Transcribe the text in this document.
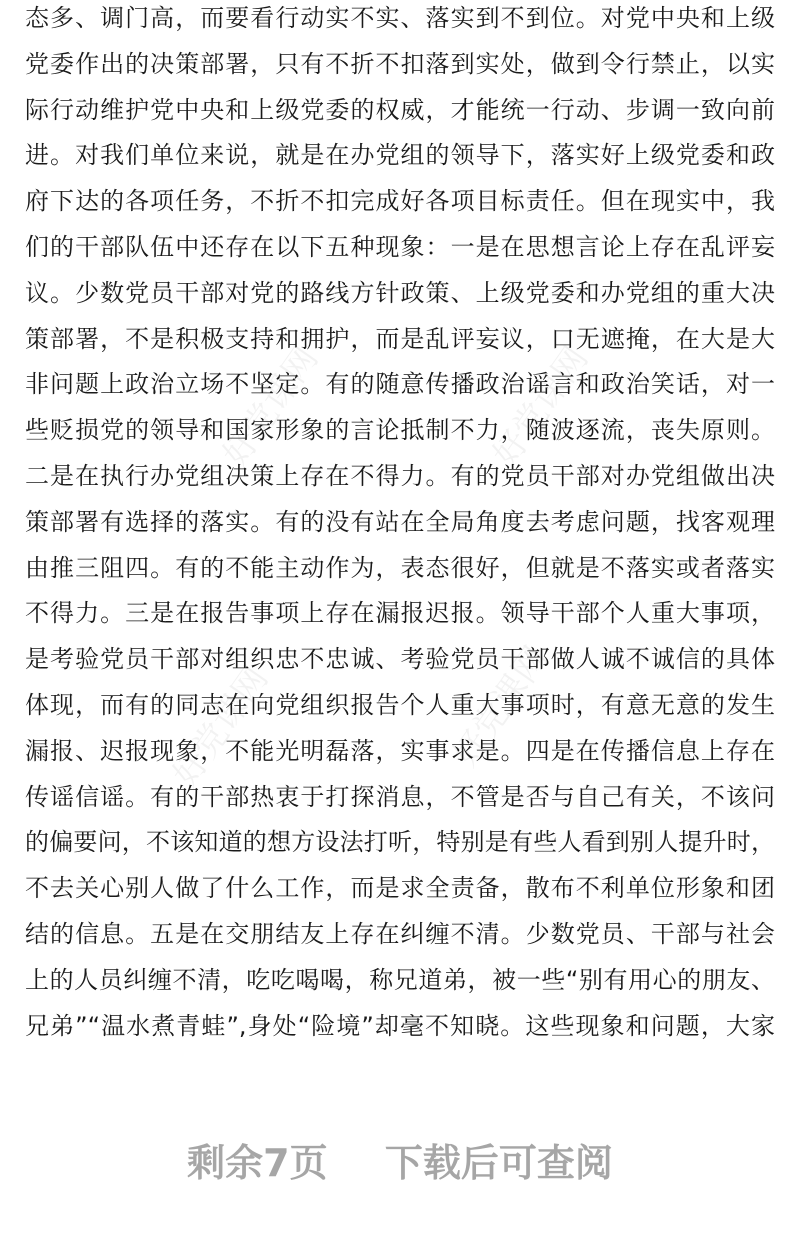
好党课网	好党课网
好党课网	好党课网
态多、调门高，而要看行动实不实、落实到不到位。对党中央和上级
党委作出的决策部署，只有不折不扣落到实处，做到令行禁止，以实
际行动维护党中央和上级党委的权威，才能统一行动、步调一致向前
进。对我们单位来说，就是在办党组的领导下，落实好上级党委和政
府下达的各项任务，不折不扣完成好各项目标责任。但在现实中，我
们的干部队伍中还存在以下五种现象：一是在思想言论上存在乱评妄
议。少数党员干部对党的路线方针政策、上级党委和办党组的重大决
策部署，不是积极支持和拥护，而是乱评妄议，口无遮掩，在大是大
非问题上政治立场不坚定。有的随意传播政治谣言和政治笑话，对一
些贬损党的领导和国家形象的言论抵制不力，随波逐流，丧失原则。
二是在执行办党组决策上存在不得力。有的党员干部对办党组做出决
策部署有选择的落实。有的没有站在全局角度去考虑问题，找客观理
由推三阻四。有的不能主动作为，表态很好，但就是不落实或者落实
不得力。三是在报告事项上存在漏报迟报。领导干部个人重大事项，
是考验党员干部对组织忠不忠诚、考验党员干部做人诚不诚信的具体
体现，而有的同志在向党组织报告个人重大事项时，有意无意的发生
漏报、迟报现象，不能光明磊落，实事求是。四是在传播信息上存在
传谣信谣。有的干部热衷于打探消息，不管是否与自己有关，不该问
的偏要问，不该知道的想方设法打听，特别是有些人看到别人提升时，
不去关心别人做了什么工作，而是求全责备，散布不利单位形象和团
结的信息。五是在交朋结友上存在纠缠不清。少数党员、干部与社会
上的人员纠缠不清，吃吃喝喝，称兄道弟，被一些“别有用心的朋友、
兄弟”“温水煮青蛙”,身处“险境”却毫不知晓。这些现象和问题，大家
剩余7页 下载后可查阅
